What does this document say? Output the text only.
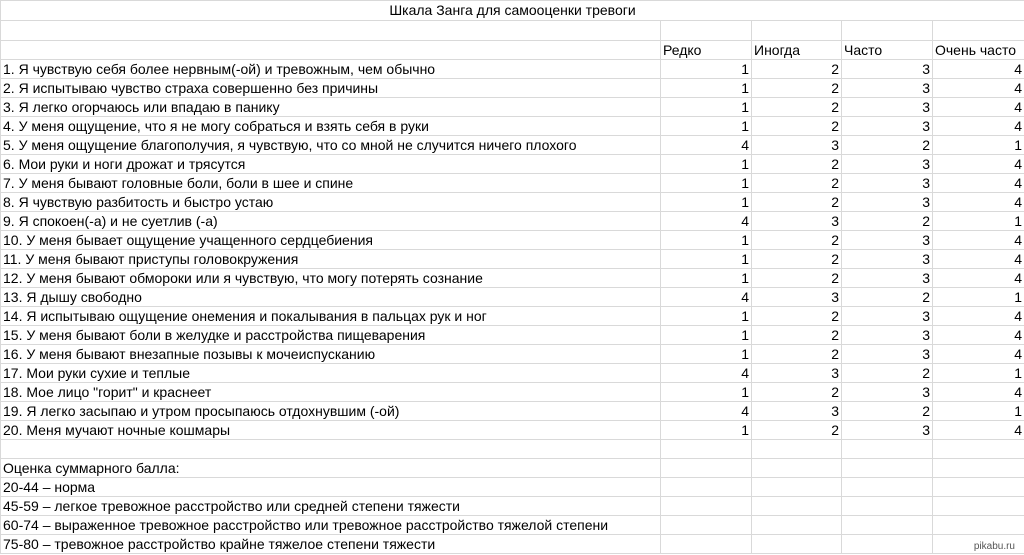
Шкала Занга для самооценки тревоги				

	Редко	Иногда	Часто	Очень часто
1. Я чувствую себя более нервным(-ой) и тревожным, чем обычно	1	2	3	4
2. Я испытываю чувство страха совершенно без причины	1	2	3	4
3. Я легко огорчаюсь или впадаю в панику	1	2	3	4
4. У меня ощущение, что я не могу собраться и взять себя в руки	1	2	3	4
5. У меня ощущение благополучия, я чувствую, что со мной не случится ничего плохого	4	3	2	1
6. Мои руки и ноги дрожат и трясутся	1	2	3	4
7. У меня бывают головные боли, боли в шее и спине	1	2	3	4
8. Я чувствую разбитость и быстро устаю	1	2	3	4
9. Я спокоен(-а) и не суетлив (-а)	4	3	2	1
10. У меня бывает ощущение учащенного сердцебиения	1	2	3	4
11. У меня бывают приступы головокружения	1	2	3	4
12. У меня бывают обмороки или я чувствую, что могу потерять сознание	1	2	3	4
13. Я дышу свободно	4	3	2	1
14. Я испытываю ощущение онемения и покалывания в пальцах рук и ног	1	2	3	4
15. У меня бывают боли в желудке и расстройства пищеварения	1	2	3	4
16. У меня бывают внезапные позывы к мочеиспусканию	1	2	3	4
17. Мои руки сухие и теплые	4	3	2	1
18. Мое лицо "горит" и краснеет	1	2	3	4
19. Я легко засыпаю и утром просыпаюсь отдохнувшим (-ой)	4	3	2	1
20. Меня мучают ночные кошмары	1	2	3	4

Оценка суммарного балла:				
20-44 – норма				
45-59 – легкое тревожное расстройство или средней степени тяжести				
60-74 – выраженное тревожное расстройство или тревожное расстройство тяжелой степени				
75-80 – тревожное расстройство крайне тяжелое степени тяжести					pikabu.ru
